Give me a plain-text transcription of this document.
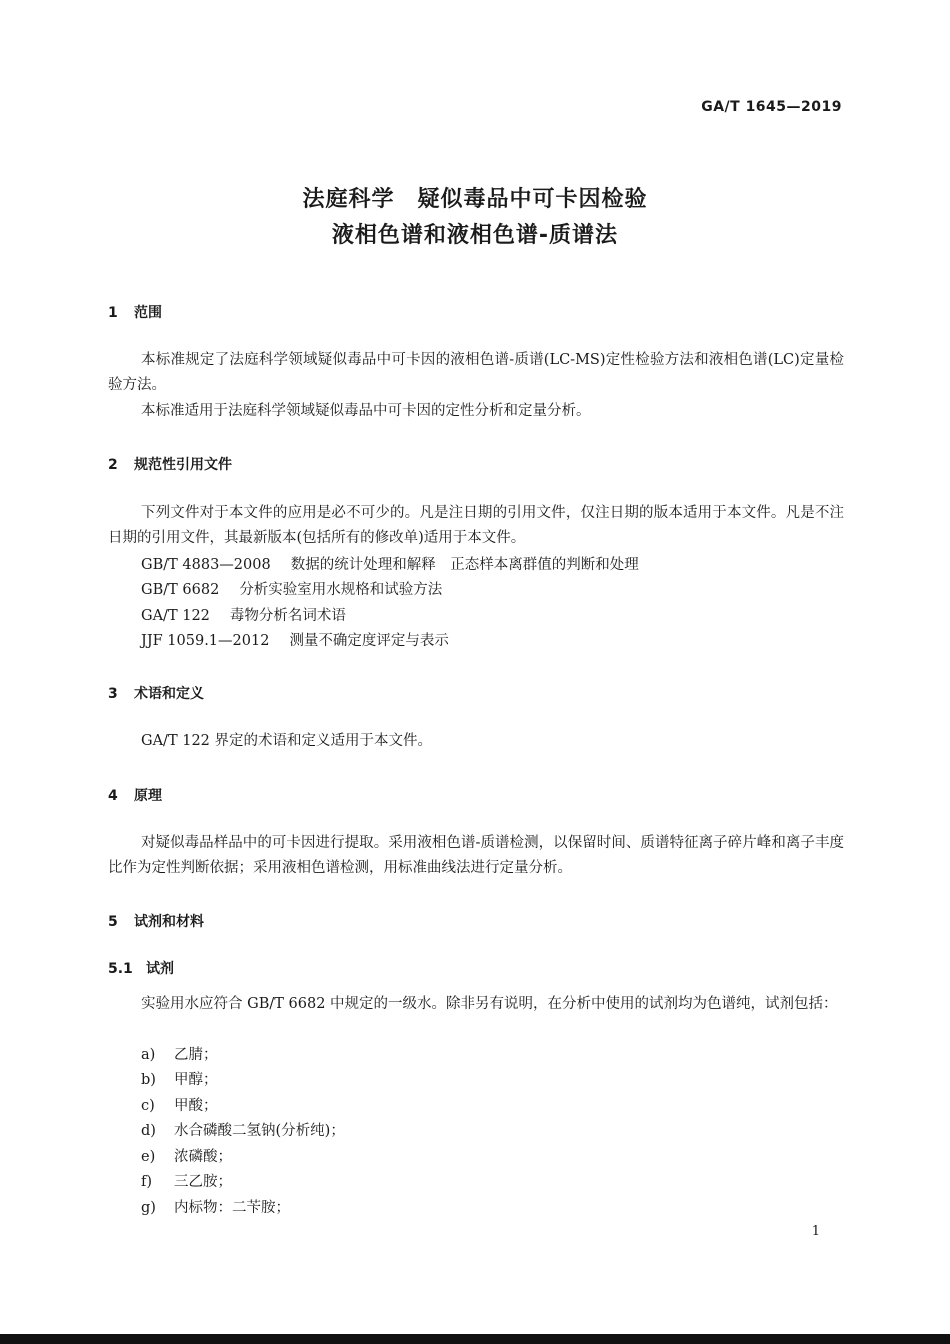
GA/T 1645—2019
法庭科学　疑似毒品中可卡因检验
液相色谱和液相色谱-质谱法
1 范围
本标准规定了法庭科学领域疑似毒品中可卡因的液相色谱-质谱(LC-MS)定性检验方法和液相色谱(LC)定量检验方法。
本标准适用于法庭科学领域疑似毒品中可卡因的定性分析和定量分析。
2 规范性引用文件
下列文件对于本文件的应用是必不可少的。凡是注日期的引用文件，仅注日期的版本适用于本文件。凡是不注日期的引用文件，其最新版本(包括所有的修改单)适用于本文件。
GB/T 4883—2008 数据的统计处理和解释　正态样本离群值的判断和处理
GB/T 6682 分析实验室用水规格和试验方法
GA/T 122 毒物分析名词术语
JJF 1059.1—2012 测量不确定度评定与表示
3 术语和定义
GA/T 122 界定的术语和定义适用于本文件。
4 原理
对疑似毒品样品中的可卡因进行提取。采用液相色谱-质谱检测，以保留时间、质谱特征离子碎片峰和离子丰度比作为定性判断依据；采用液相色谱检测，用标准曲线法进行定量分析。
5 试剂和材料
5.1 试剂
实验用水应符合 GB/T 6682 中规定的一级水。除非另有说明，在分析中使用的试剂均为色谱纯，试剂包括：
a) 乙腈；
b) 甲醇；
c) 甲酸；
d) 水合磷酸二氢钠(分析纯)；
e) 浓磷酸；
f) 三乙胺；
g) 内标物：二苄胺；
1
